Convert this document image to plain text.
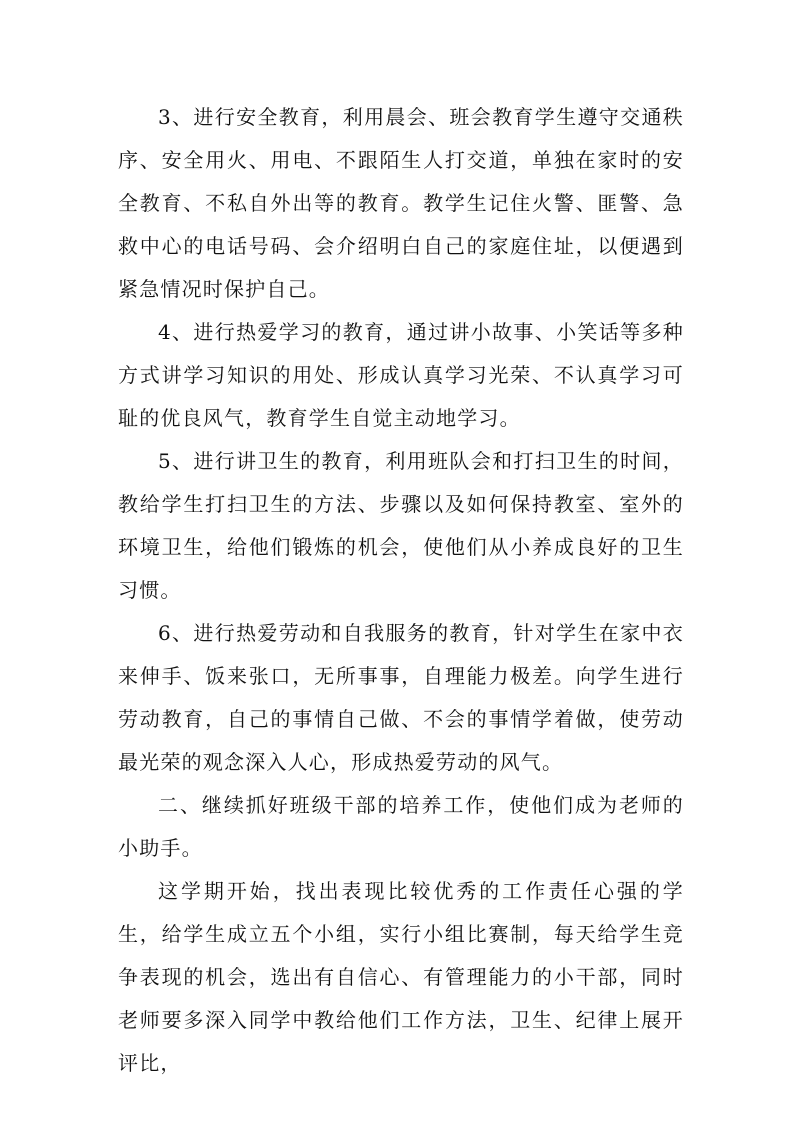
3、进行安全教育，利用晨会、班会教育学生遵守交通秩序、安全用火、用电、不跟陌生人打交道，单独在家时的安全教育、不私自外出等的教育。教学生记住火警、匪警、急救中心的电话号码、会介绍明白自己的家庭住址，以便遇到紧急情况时保护自己。

4、进行热爱学习的教育，通过讲小故事、小笑话等多种方式讲学习知识的用处、形成认真学习光荣、不认真学习可耻的优良风气，教育学生自觉主动地学习。

5、进行讲卫生的教育，利用班队会和打扫卫生的时间，教给学生打扫卫生的方法、步骤以及如何保持教室、室外的环境卫生，给他们锻炼的机会，使他们从小养成良好的卫生习惯。

6、进行热爱劳动和自我服务的教育，针对学生在家中衣来伸手、饭来张口，无所事事，自理能力极差。向学生进行劳动教育，自己的事情自己做、不会的事情学着做，使劳动最光荣的观念深入人心，形成热爱劳动的风气。

二、继续抓好班级干部的培养工作，使他们成为老师的小助手。

这学期开始，找出表现比较优秀的工作责任心强的学生，给学生成立五个小组，实行小组比赛制，每天给学生竞争表现的机会，选出有自信心、有管理能力的小干部，同时老师要多深入同学中教给他们工作方法，卫生、纪律上展开评比，
